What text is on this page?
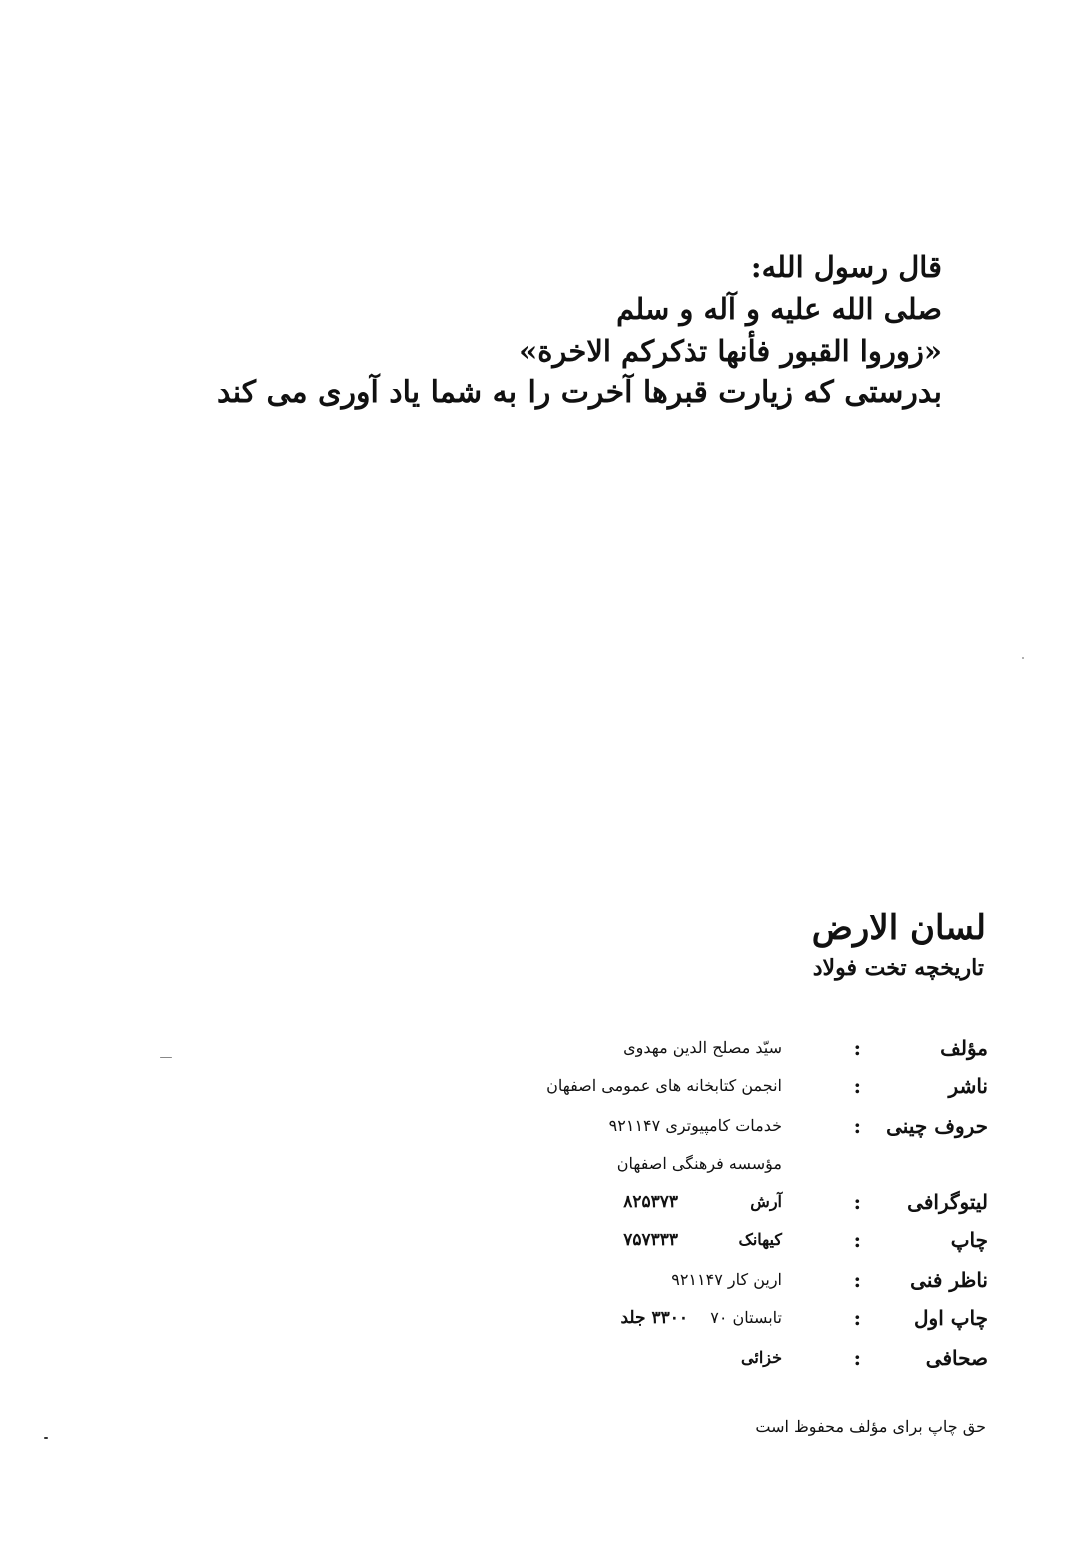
قال رسول الله:
صلى الله عليه و آله و سلم
«زوروا القبور فأنها تذكركم الاخرة»
بدرستی که زیارت قبرها آخرت را به شما یاد آوری می کند
لسان الارض
تاریخچه تخت فولاد
مؤلف
:
سیّد مصلح الدین مهدوی
ناشر
:
انجمن کتابخانه های عمومی اصفهان
حروف چینی
:
خدمات کامپیوتری ۹۲۱۱۴۷
مؤسسه فرهنگی اصفهان
لیتوگرافی
:
آرش
۸۲۵۳۷۳
چاپ
:
کیهانک
۷۵۷۳۳۳
ناظر فنی
:
ارین کار ۹۲۱۱۴۷
چاپ اول
:
تابستان ۷۰
۳۳۰۰ جلد
صحافی
:
خزائی
حق چاپ برای مؤلف محفوظ است
